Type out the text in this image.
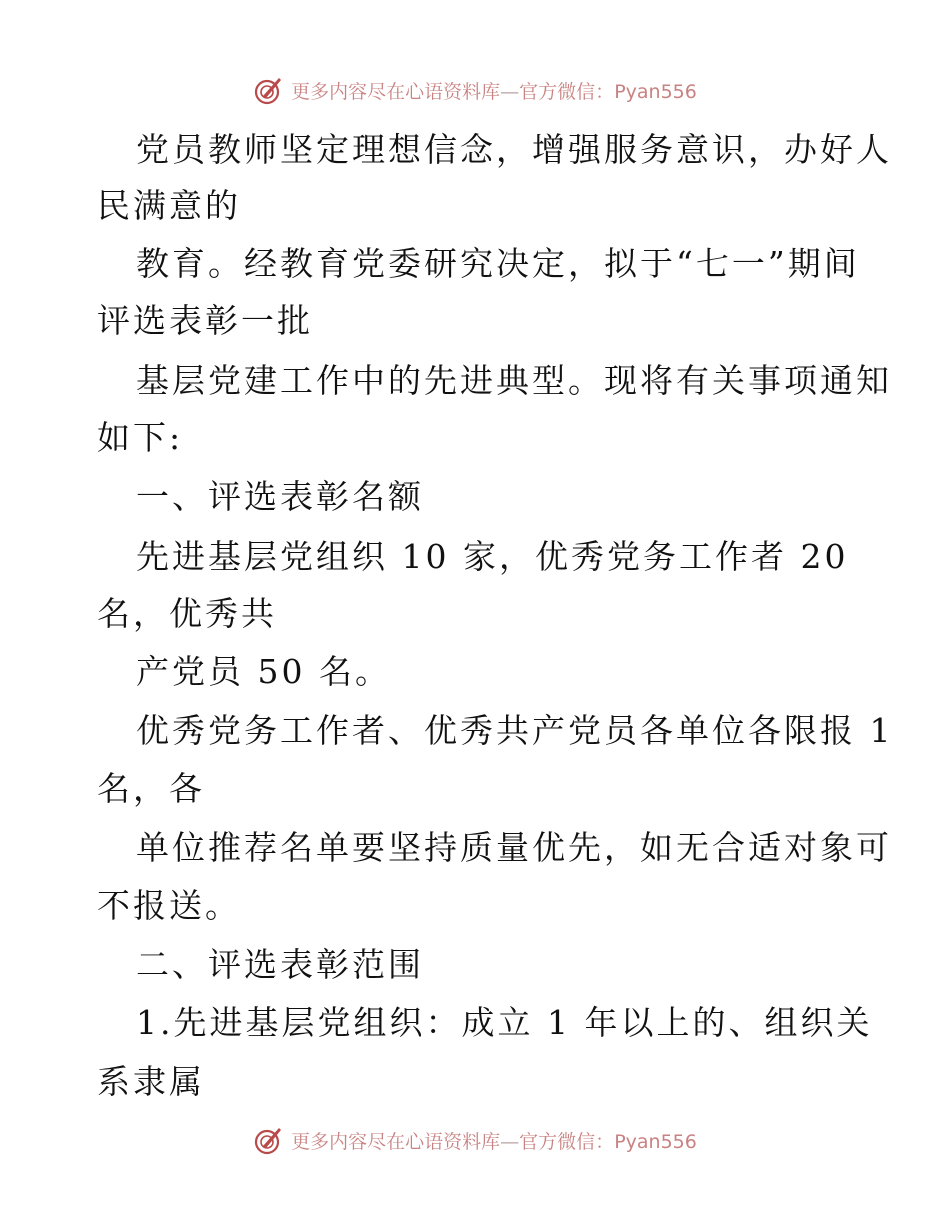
更多内容尽在心语资料库—官方微信：Pyan556
党员教师坚定理想信念，增强服务意识，办好人
民满意的
教育。经教育党委研究决定，拟于“七一”期间
评选表彰一批
基层党建工作中的先进典型。现将有关事项通知
如下:
一、评选表彰名额
先进基层党组织 10 家，优秀党务工作者 20
名，优秀共
产党员 50 名。
优秀党务工作者、优秀共产党员各单位各限报 1
名，各
单位推荐名单要坚持质量优先，如无合适对象可
不报送。
二、评选表彰范围
1.先进基层党组织：成立 1 年以上的、组织关
系隶属
更多内容尽在心语资料库—官方微信：Pyan556
